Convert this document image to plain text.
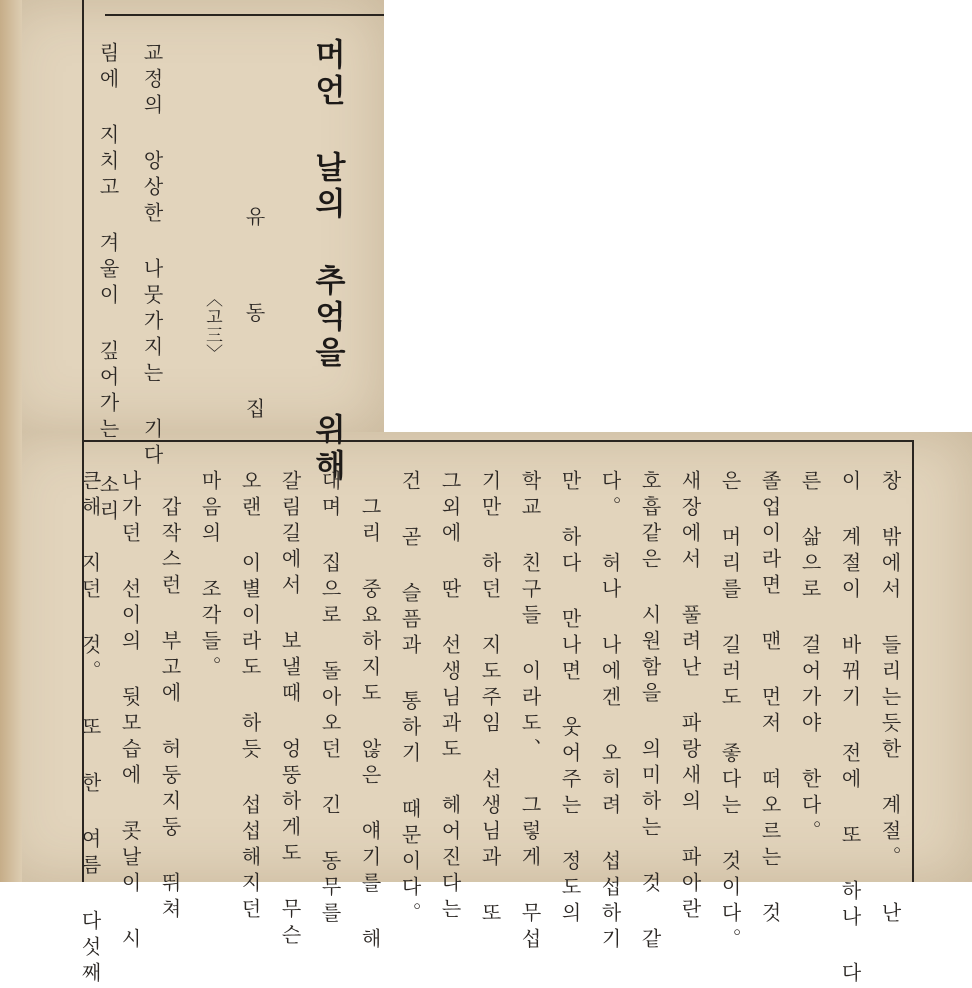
머언 날의 추억을 위해

유 동 집

〈고三〉

교정의 앙상한 나뭇가지는 기다

림에 지치고 겨울이 깊어가는 소리

창 밖에서 들리는듯한 계절。 난

이 계절이 바뀌기 전에 또 하나 다

른 삶으로 걸어가야 한다。

졸업이라면 맨 먼저 떠오르는 것

은 머리를 길러도 좋다는 것이다。

새장에서 풀려난 파랑새의 파아란

호흡같은 시원함을 의미하는 것 같

다。 허나 나에겐 오히려 섭섭하기

만 하다 만나면 웃어주는 정도의

학교 친구들 이라도、 그렇게 무섭

기만 하던 지도주임 선생님과 또

그외에 딴 선생님과도 헤어진다는

건 곧 슬픔과 통하기 때문이다。

그리 중요하지도 않은 얘기를 해

대며 집으로 돌아오던 긴 동무를

갈림길에서 보낼때 엉뚱하게도 무슨

오랜 이별이라도 하듯 섭섭해지던

마음의 조각들。

갑작스런 부고에 허둥지둥 뛰쳐

나가던 선이의 뒷모습에 콧날이 시

큰해 지던 것。 또 한 여름 다섯째
